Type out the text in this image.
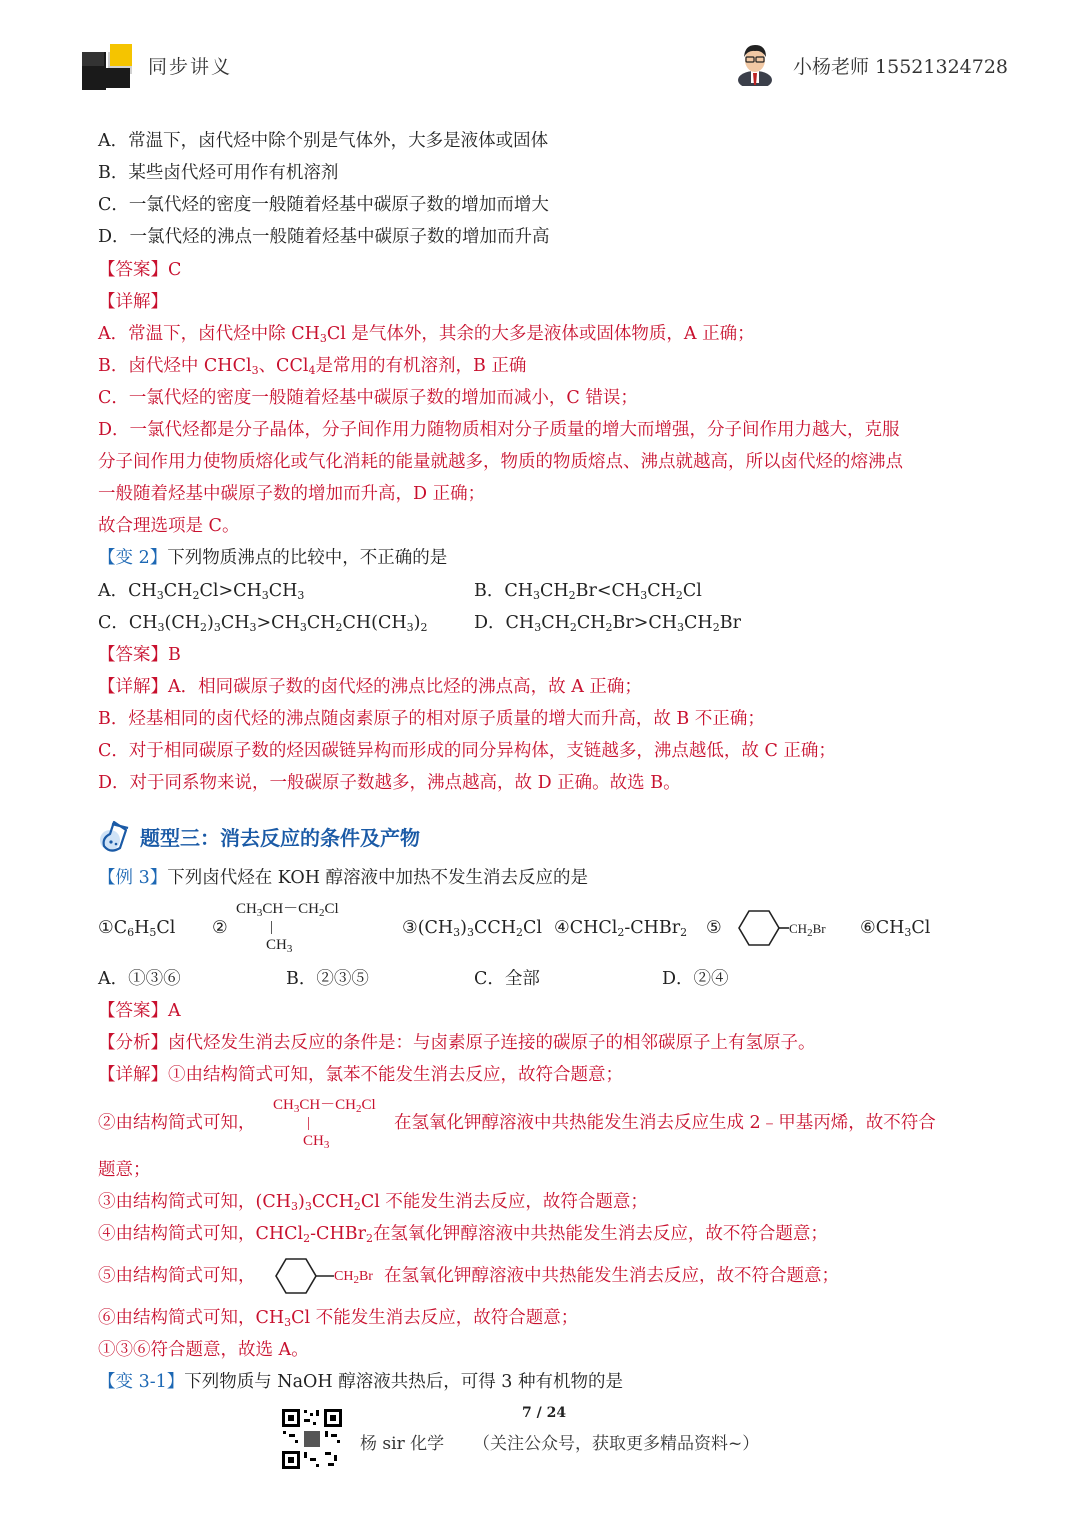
同步讲义	小杨老师 15521324728
A．常温下，卤代烃中除个别是气体外，大多是液体或固体
B．某些卤代烃可用作有机溶剂
C．一氯代烃的密度一般随着烃基中碳原子数的增加而增大
D．一氯代烃的沸点一般随着烃基中碳原子数的增加而升高
【答案】C
【详解】
A．常温下，卤代烃中除 $CH_3Cl$ 是气体外，其余的大多是液体或固体物质，A 正确；
B．卤代烃中 CHCl$_3$、CCl$_4$是常用的有机溶剂，B 正确
C．一氯代烃的密度一般随着烃基中碳原子数的增加而减小，C 错误；
D．一氯代烃都是分子晶体，分子间作用力随物质相对分子质量的增大而增强，分子间作用力越大，克服
分子间作用力使物质熔化或气化消耗的能量就越多，物质的物质熔点、沸点就越高，所以卤代烃的熔沸点
一般随着烃基中碳原子数的增加而升高，D 正确；
故合理选项是 C。
【变 2】下列物质沸点的比较中，不正确的是
A．$CH_3CH_2Cl>CH_3CH_3$	B．$CH_3CH_2Br<CH_3CH_2Cl$
C．$CH_3(CH_2)_3CH_3>CH_3CH_2CH(CH_3)_2$	D．$CH_3CH_2CH_2Br>CH_3CH_2Br$
【答案】B
【详解】A．相同碳原子数的卤代烃的沸点比烃的沸点高，故 A 正确；
B．烃基相同的卤代烃的沸点随卤素原子的相对原子质量的增大而升高，故 B 不正确；
C．对于相同碳原子数的烃因碳链异构而形成的同分异构体，支链越多，沸点越低，故 C 正确；
D．对于同系物来说，一般碳原子数越多，沸点越高，故 D 正确。故选 B。
题型三：消去反应的条件及产物
【例 3】下列卤代烃在 KOH 醇溶液中加热不发生消去反应的是
$①C_6H_5Cl$ ②
$CH_3CH-CH_2Cl$
|
$CH_3$
$③(CH_3)_3CCH_2Cl$ ④CHCl$_2$-CHBr$_2$ ⑤	$CH_2Br$ $⑥CH_3Cl$
A．①③⑥	B．②③⑤	C．全部	D．②④
【答案】A
【分析】卤代烃发生消去反应的条件是：与卤素原子连接的碳原子的相邻碳原子上有氢原子。
【详解】①由结构简式可知，氯苯不能发生消去反应，故符合题意；
②由结构简式可知，
$CH_3CH-CH_2Cl$
|
$CH_3$
在氢氧化钾醇溶液中共热能发生消去反应生成 2﹣甲基丙烯，故不符合
题意；
③由结构简式可知，$(CH_3)_3CCH_2Cl$ 不能发生消去反应，故符合题意；
④由结构简式可知，CHCl$_2$-CHBr$_2$在氢氧化钾醇溶液中共热能发生消去反应，故不符合题意；
⑤由结构简式可知，	$CH_2Br$ 在氢氧化钾醇溶液中共热能发生消去反应，故不符合题意；
⑥由结构简式可知，$CH_3Cl$ 不能发生消去反应，故符合题意；
①③⑥符合题意，故选 A。
【变 3-1】下列物质与 NaOH 醇溶液共热后，可得 3 种有机物的是
7 / 24
杨 sir 化学 （关注公众号，获取更多精品资料~）
